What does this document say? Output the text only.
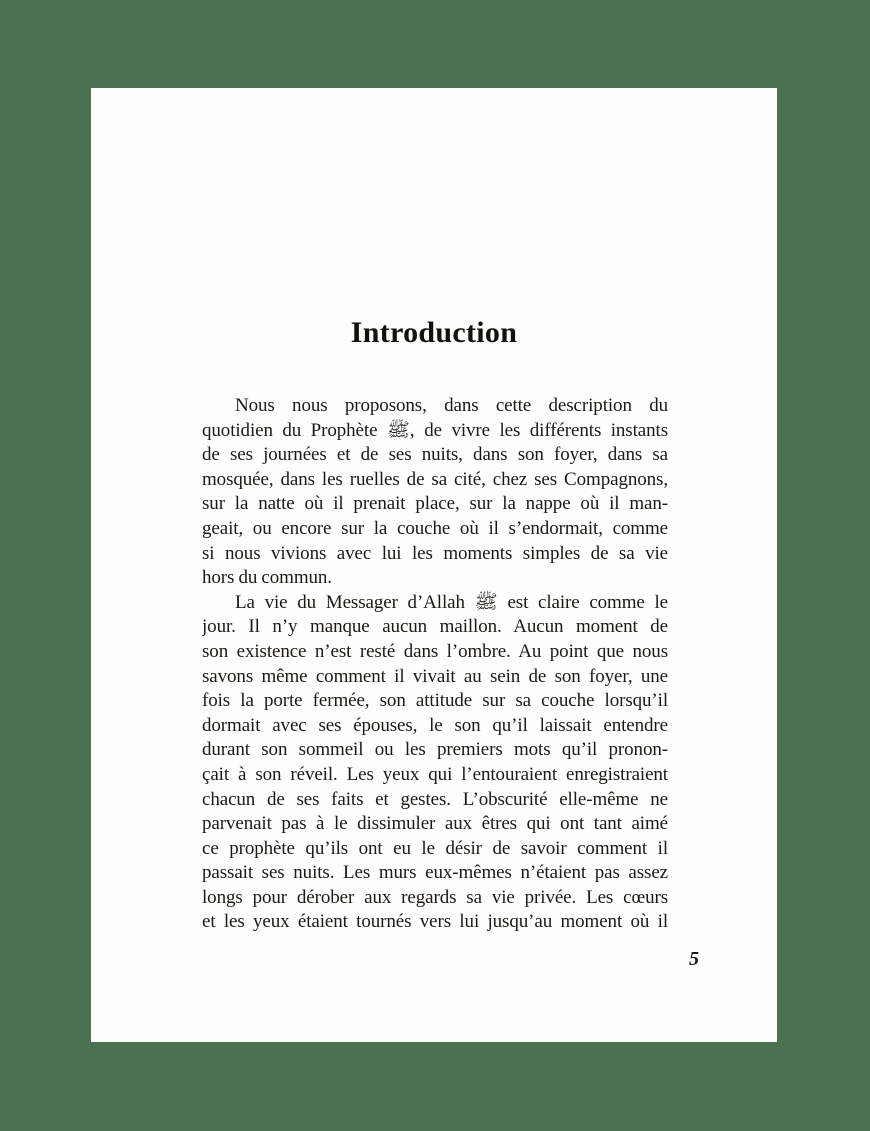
Introduction
Nous nous proposons, dans cette description du
quotidien du Prophète ﷺ, de vivre les différents instants
de ses journées et de ses nuits, dans son foyer, dans sa
mosquée, dans les ruelles de sa cité, chez ses Compagnons,
sur la natte où il prenait place, sur la nappe où il man-
geait, ou encore sur la couche où il s’endormait, comme
si nous vivions avec lui les moments simples de sa vie
hors du commun.
La vie du Messager d’Allah ﷺ est claire comme le
jour. Il n’y manque aucun maillon. Aucun moment de
son existence n’est resté dans l’ombre. Au point que nous
savons même comment il vivait au sein de son foyer, une
fois la porte fermée, son attitude sur sa couche lorsqu’il
dormait avec ses épouses, le son qu’il laissait entendre
durant son sommeil ou les premiers mots qu’il pronon-
çait à son réveil. Les yeux qui l’entouraient enregistraient
chacun de ses faits et gestes. L’obscurité elle-même ne
parvenait pas à le dissimuler aux êtres qui ont tant aimé
ce prophète qu’ils ont eu le désir de savoir comment il
passait ses nuits. Les murs eux-mêmes n’étaient pas assez
longs pour dérober aux regards sa vie privée. Les cœurs
et les yeux étaient tournés vers lui jusqu’au moment où il
5
